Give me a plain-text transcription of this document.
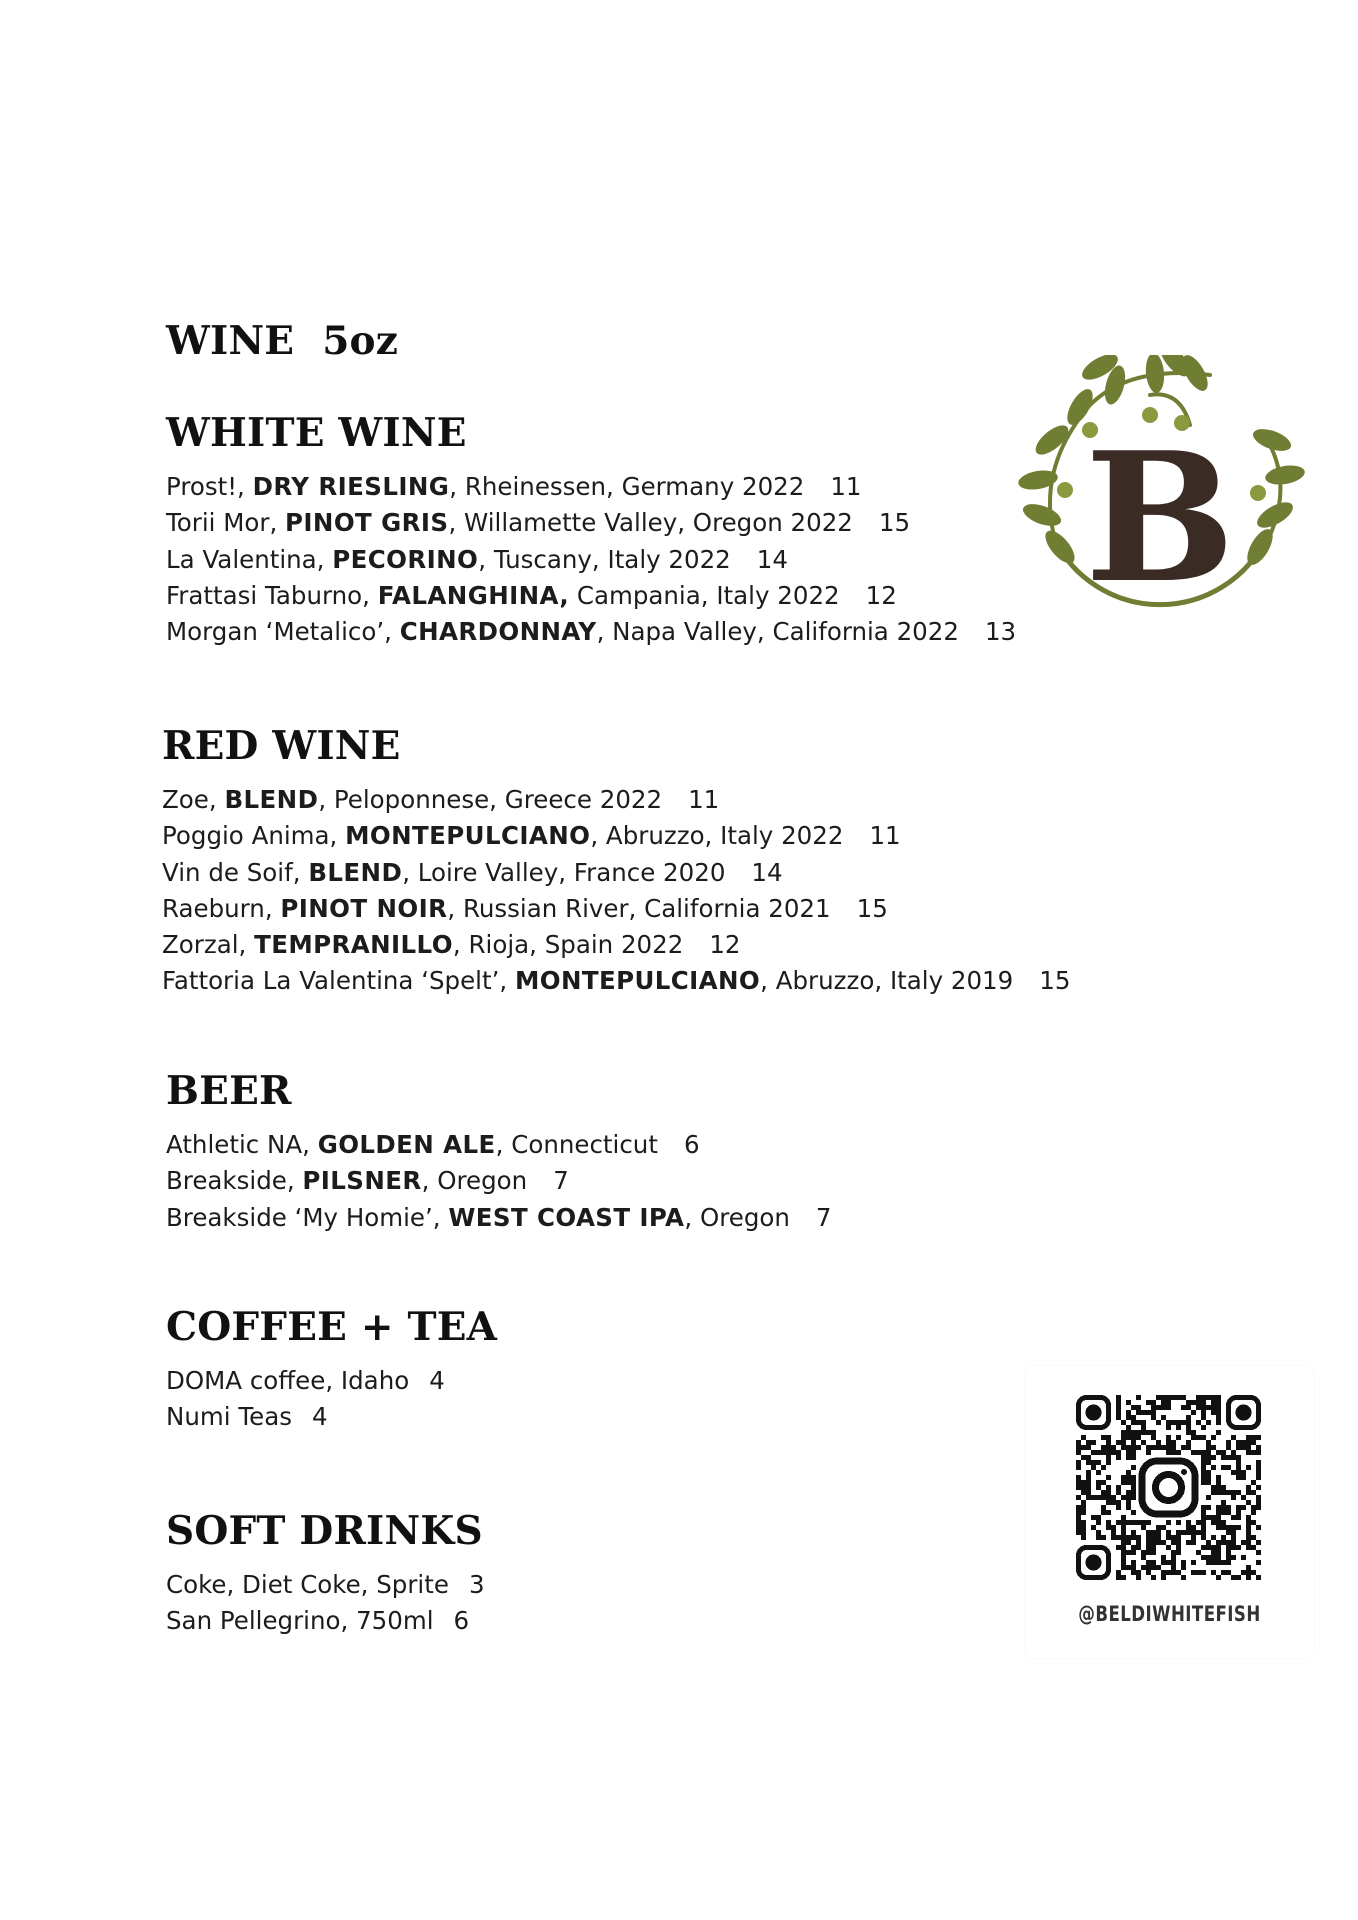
WINE 5oz
WHITE WINE
Prost!, DRY RIESLING, Rheinessen, Germany 2022 11
Torii Mor, PINOT GRIS, Willamette Valley, Oregon 2022 15
La Valentina, PECORINO, Tuscany, Italy 2022 14
Frattasi Taburno, FALANGHINA, Campania, Italy 2022 12
Morgan ‘Metalico’, CHARDONNAY, Napa Valley, California 2022 13
RED WINE
Zoe, BLEND, Peloponnese, Greece 2022 11
Poggio Anima, MONTEPULCIANO, Abruzzo, Italy 2022 11
Vin de Soif, BLEND, Loire Valley, France 2020 14
Raeburn, PINOT NOIR, Russian River, California 2021 15
Zorzal, TEMPRANILLO, Rioja, Spain 2022 12
Fattoria La Valentina ‘Spelt’, MONTEPULCIANO, Abruzzo, Italy 2019 15
BEER
Athletic NA, GOLDEN ALE, Connecticut 6
Breakside, PILSNER, Oregon 7
Breakside ‘My Homie’, WEST COAST IPA, Oregon 7
COFFEE + TEA
DOMA coffee, Idaho 4
Numi Teas 4
SOFT DRINKS
Coke, Diet Coke, Sprite 3
San Pellegrino, 750ml 6
B
@BELDIWHITEFISH
